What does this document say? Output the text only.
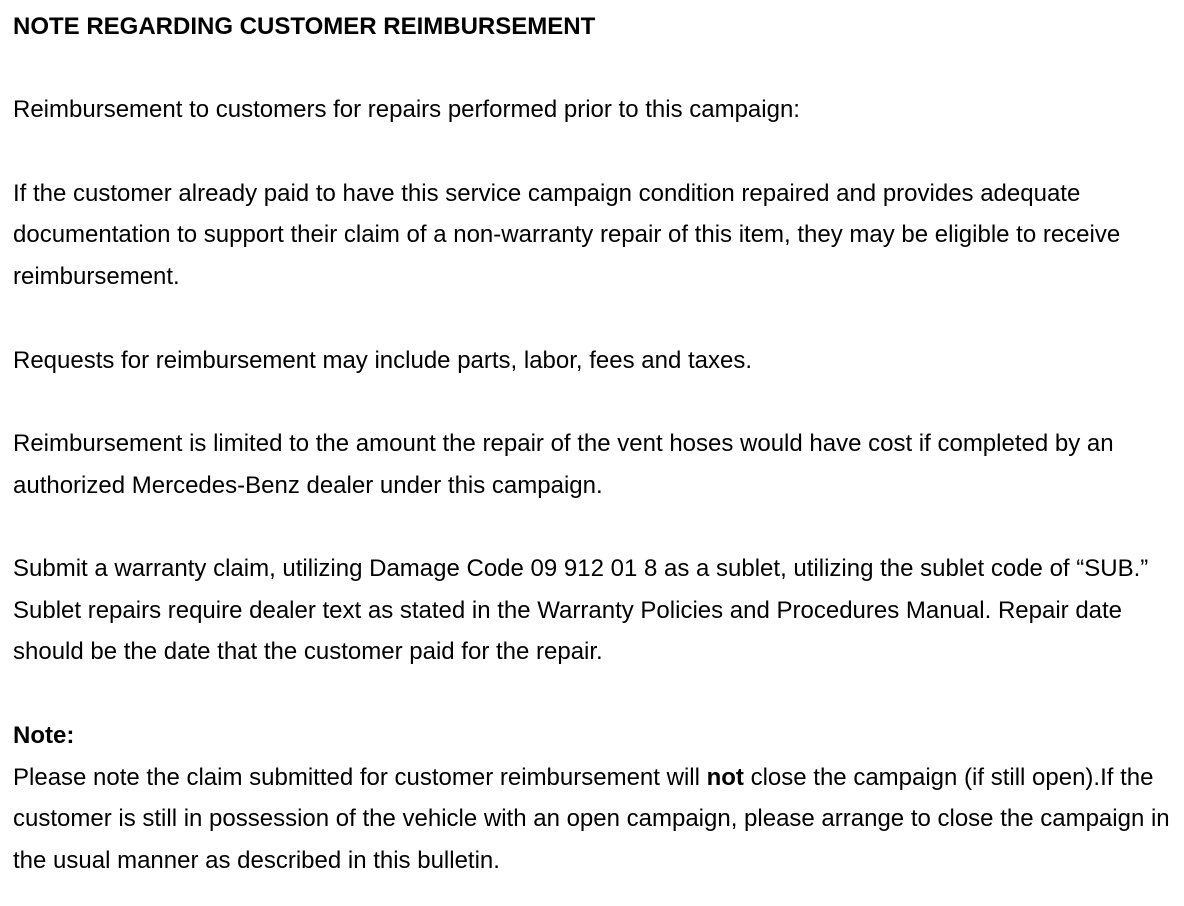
NOTE REGARDING CUSTOMER REIMBURSEMENT

Reimbursement to customers for repairs performed prior to this campaign:

If the customer already paid to have this service campaign condition repaired and provides adequate documentation to support their claim of a non-warranty repair of this item, they may be eligible to receive reimbursement.

Requests for reimbursement may include parts, labor, fees and taxes.

Reimbursement is limited to the amount the repair of the vent hoses would have cost if completed by an authorized Mercedes-Benz dealer under this campaign.

Submit a warranty claim, utilizing Damage Code 09 912 01 8 as a sublet, utilizing the sublet code of “SUB.” Sublet repairs require dealer text as stated in the Warranty Policies and Procedures Manual. Repair date should be the date that the customer paid for the repair.

Note:

Please note the claim submitted for customer reimbursement will not close the campaign (if still open).If the customer is still in possession of the vehicle with an open campaign, please arrange to close the campaign in the usual manner as described in this bulletin.
